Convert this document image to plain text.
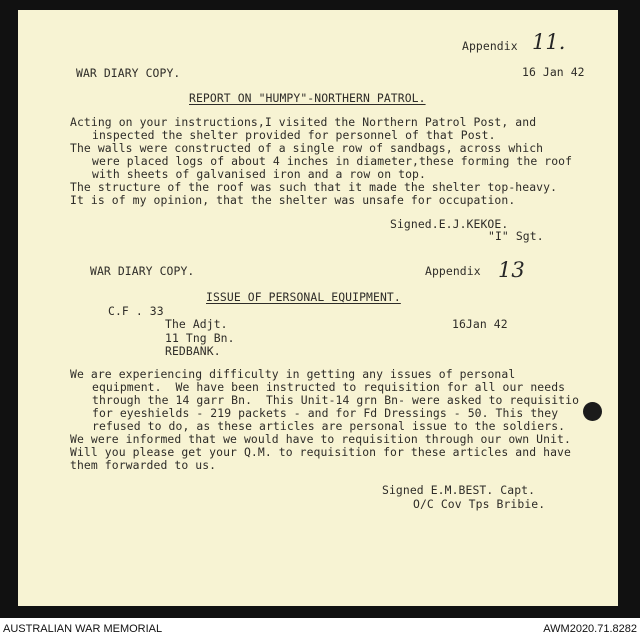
Appendix 11.
WAR DIARY COPY.	16 Jan 42
REPORT ON "HUMPY"-NORTHERN PATROL.
Acting on your instructions,I visited the Northern Patrol Post, and
inspected the shelter provided for personnel of that Post.
The walls were constructed of a single row of sandbags, across which
were placed logs of about 4 inches in diameter,these forming the roof
with sheets of galvanised iron and a row on top.
The structure of the roof was such that it made the shelter top-heavy.
It is of my opinion, that the shelter was unsafe for occupation.
Signed.E.J.KEKOE.
"I" Sgt.
WAR DIARY COPY.	Appendix 13
ISSUE OF PERSONAL EQUIPMENT.
C.F . 33
The Adjt.	16Jan 42
11 Tng Bn.
REDBANK.
We are experiencing difficulty in getting any issues of personal
equipment.  We have been instructed to requisition for all our needs
through the 14 garr Bn.  This Unit-14 grn Bn- were asked to requisitio
for eyeshields - 219 packets - and for Fd Dressings - 50. This they
refused to do, as these articles are personal issue to the soldiers.
We were informed that we would have to requisition through our own Unit.
Will you please get your Q.M. to requisition for these articles and have
them forwarded to us.
Signed E.M.BEST. Capt.
O/C Cov Tps Bribie.
AUSTRALIAN WAR MEMORIAL	AWM2020.71.8282
